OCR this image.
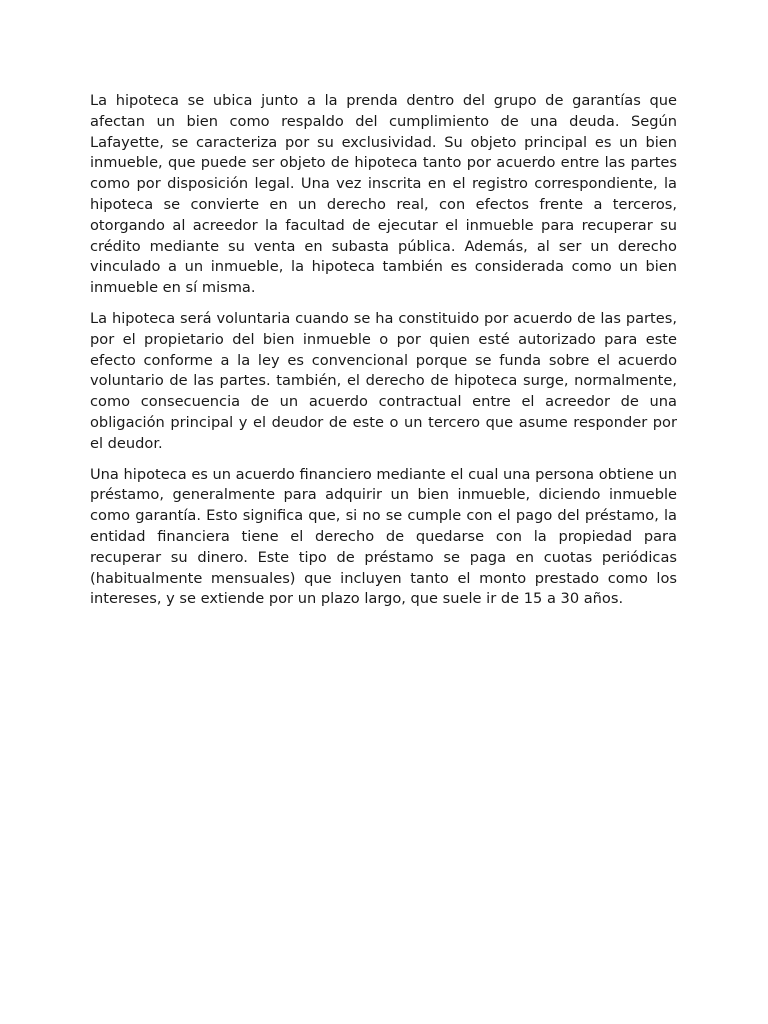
La hipoteca se ubica junto a la prenda dentro del grupo de garantías que afectan un bien como respaldo del cumplimiento de una deuda. Según Lafayette, se caracteriza por su exclusividad. Su objeto principal es un bien inmueble, que puede ser objeto de hipoteca tanto por acuerdo entre las partes como por disposición legal. Una vez inscrita en el registro correspondiente, la hipoteca se convierte en un derecho real, con efectos frente a terceros, otorgando al acreedor la facultad de ejecutar el inmueble para recuperar su crédito mediante su venta en subasta pública. Además, al ser un derecho vinculado a un inmueble, la hipoteca también es considerada como un bien inmueble en sí misma.

La hipoteca será voluntaria cuando se ha constituido por acuerdo de las partes, por el propietario del bien inmueble o por quien esté autorizado para este efecto conforme a la ley es convencional porque se funda sobre el acuerdo voluntario de las partes. también, el derecho de hipoteca surge, normalmente, como consecuencia de un acuerdo contractual entre el acreedor de una obligación principal y el deudor de este o un tercero que asume responder por el deudor.

Una hipoteca es un acuerdo financiero mediante el cual una persona obtiene un préstamo, generalmente para adquirir un bien inmueble, diciendo inmueble como garantía. Esto significa que, si no se cumple con el pago del préstamo, la entidad financiera tiene el derecho de quedarse con la propiedad para recuperar su dinero. Este tipo de préstamo se paga en cuotas periódicas (habitualmente mensuales) que incluyen tanto el monto prestado como los intereses, y se extiende por un plazo largo, que suele ir de 15 a 30 años.
